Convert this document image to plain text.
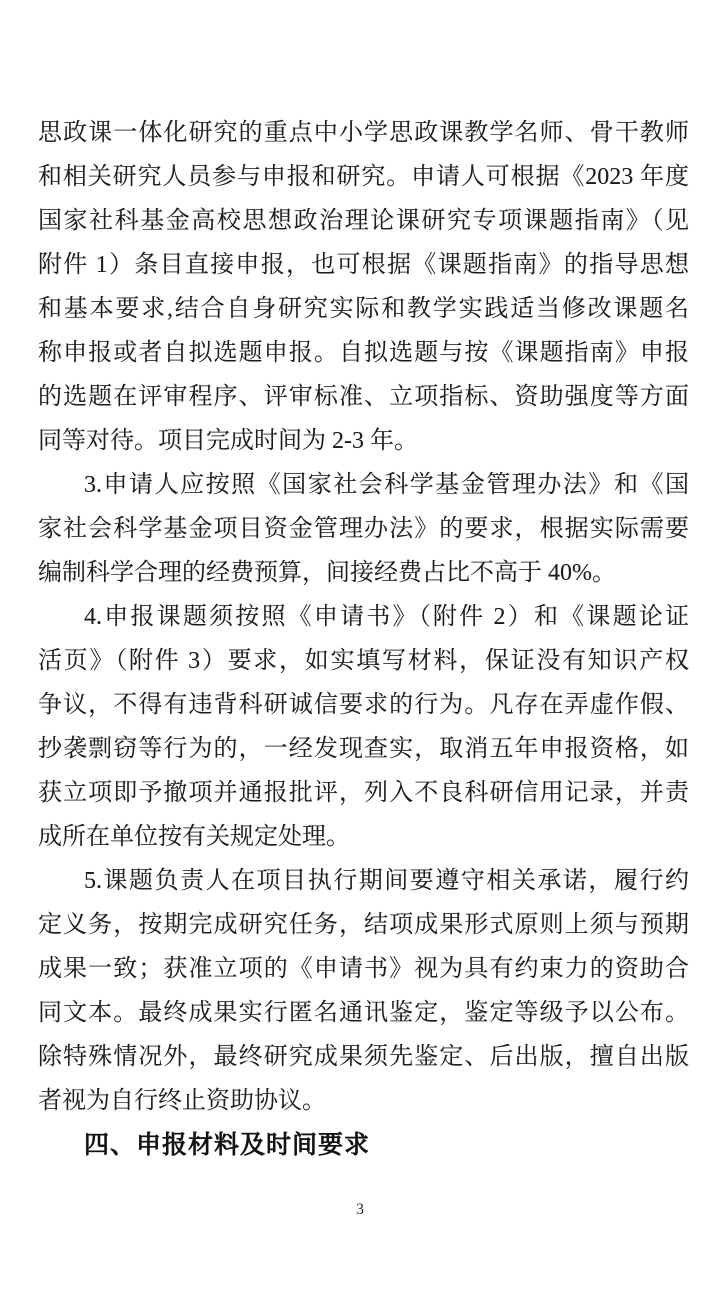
思政课一体化研究的重点中小学思政课教学名师、骨干教师
和相关研究人员参与申报和研究。申请人可根据《2023 年度
国家社科基金高校思想政治理论课研究专项课题指南》（见
附件 1）条目直接申报，也可根据《课题指南》的指导思想
和基本要求,结合自身研究实际和教学实践适当修改课题名
称申报或者自拟选题申报。自拟选题与按《课题指南》申报
的选题在评审程序、评审标准、立项指标、资助强度等方面
同等对待。项目完成时间为 2-3 年。
3.申请人应按照《国家社会科学基金管理办法》和《国
家社会科学基金项目资金管理办法》的要求，根据实际需要
编制科学合理的经费预算，间接经费占比不高于 40%。
4.申报课题须按照《申请书》（附件 2）和《课题论证
活页》（附件 3）要求，如实填写材料，保证没有知识产权
争议，不得有违背科研诚信要求的行为。凡存在弄虚作假、
抄袭剽窃等行为的，一经发现查实，取消五年申报资格，如
获立项即予撤项并通报批评，列入不良科研信用记录，并责
成所在单位按有关规定处理。
5.课题负责人在项目执行期间要遵守相关承诺，履行约
定义务，按期完成研究任务，结项成果形式原则上须与预期
成果一致；获准立项的《申请书》视为具有约束力的资助合
同文本。最终成果实行匿名通讯鉴定，鉴定等级予以公布。
除特殊情况外，最终研究成果须先鉴定、后出版，擅自出版
者视为自行终止资助协议。
四、申报材料及时间要求
3
